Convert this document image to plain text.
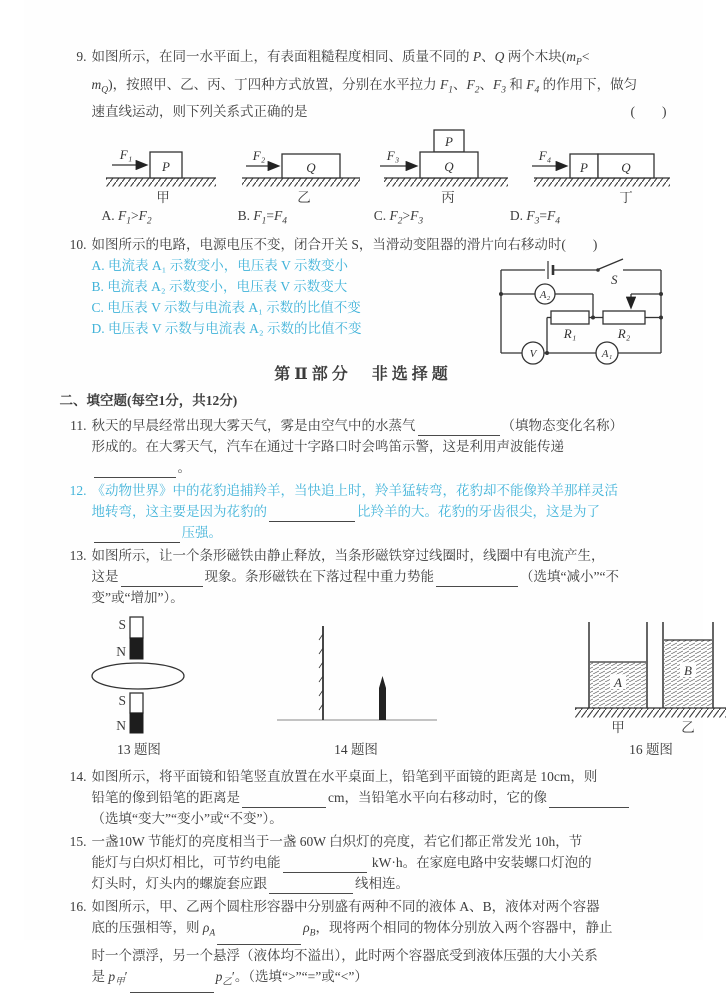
9. 如图所示，在同一水平面上，有表面粗糙程度相同、质量不同的 P、Q 两个木块($m_P<$
$m_Q$)，按照甲、乙、丙、丁四种方式放置，分别在水平拉力 $F_1$、$F_2$、$F_3$ 和 $F_4$ 的作用下，做匀
速直线运动，则下列关系式正确的是	(　　)
P
F₁
甲
Q
F₂
乙
P
Q
F₃
丙
P	Q
F₄
丁
A. $F_1>F_2$	B. $F_1=F_4$	C. $F_2>F_3$	D. $F_3=F_4$
10. 如图所示的电路，电源电压不变，闭合开关 S，当滑动变阻器的滑片向右移动时(　　)
A. 电流表 A₁ 示数变小，电压表 V 示数变小
B. 电流表 A₂ 示数变小，电压表 V 示数变大
C. 电压表 V 示数与电流表 A₁ 示数的比值不变
D. 电压表 V 示数与电流表 A₂ 示数的比值不变
S
A₂
R₁	R₂
V	A₁
第Ⅱ部分　非选择题
二、填空题(每空1分，共12分)
11. 秋天的早晨经常出现大雾天气，雾是由空气中的水蒸气	（填物态变化名称）
形成的。在大雾天气，汽车在通过十字路口时会鸣笛示警，这是利用声波能传递
。
12. 《动物世界》中的花豹追捕羚羊，当快追上时，羚羊猛转弯，花豹却不能像羚羊那样灵活
地转弯，这主要是因为花豹的	比羚羊的大。花豹的牙齿很尖，这是为了
压强。
13. 如图所示，让一个条形磁铁由静止释放，当条形磁铁穿过线圈时，线圈中有电流产生，
这是	现象。条形磁铁在下落过程中重力势能	（选填“减小”“不
变”或“增加”）。
S
N
S
N
13 题图	14 题图
A
B
甲	乙
16 题图
14. 如图所示，将平面镜和铅笔竖直放置在水平桌面上，铅笔到平面镜的距离是 10cm，则
铅笔的像到铅笔的距离是	cm，当铅笔水平向右移动时，它的像
（选填“变大”“变小”或“不变”）。
15. 一盏10W 节能灯的亮度相当于一盏 60W 白炽灯的亮度，若它们都正常发光 10h，节
能灯与白炽灯相比，可节约电能	kW·h。在家庭电路中安装螺口灯泡的
灯头时，灯头内的螺旋套应跟	线相连。
16. 如图所示，甲、乙两个圆柱形容器中分别盛有两种不同的液体 A、B，液体对两个容器
底的压强相等，则 $\rho_A$	$\rho_B$，现将两个相同的物体分别放入两个容器中，静止
时一个漂浮，另一个悬浮（液体均不溢出），此时两个容器底受到液体压强的大小关系
是 $p_甲'$	$p_乙'$。（选填“>”“=”或“<”）
